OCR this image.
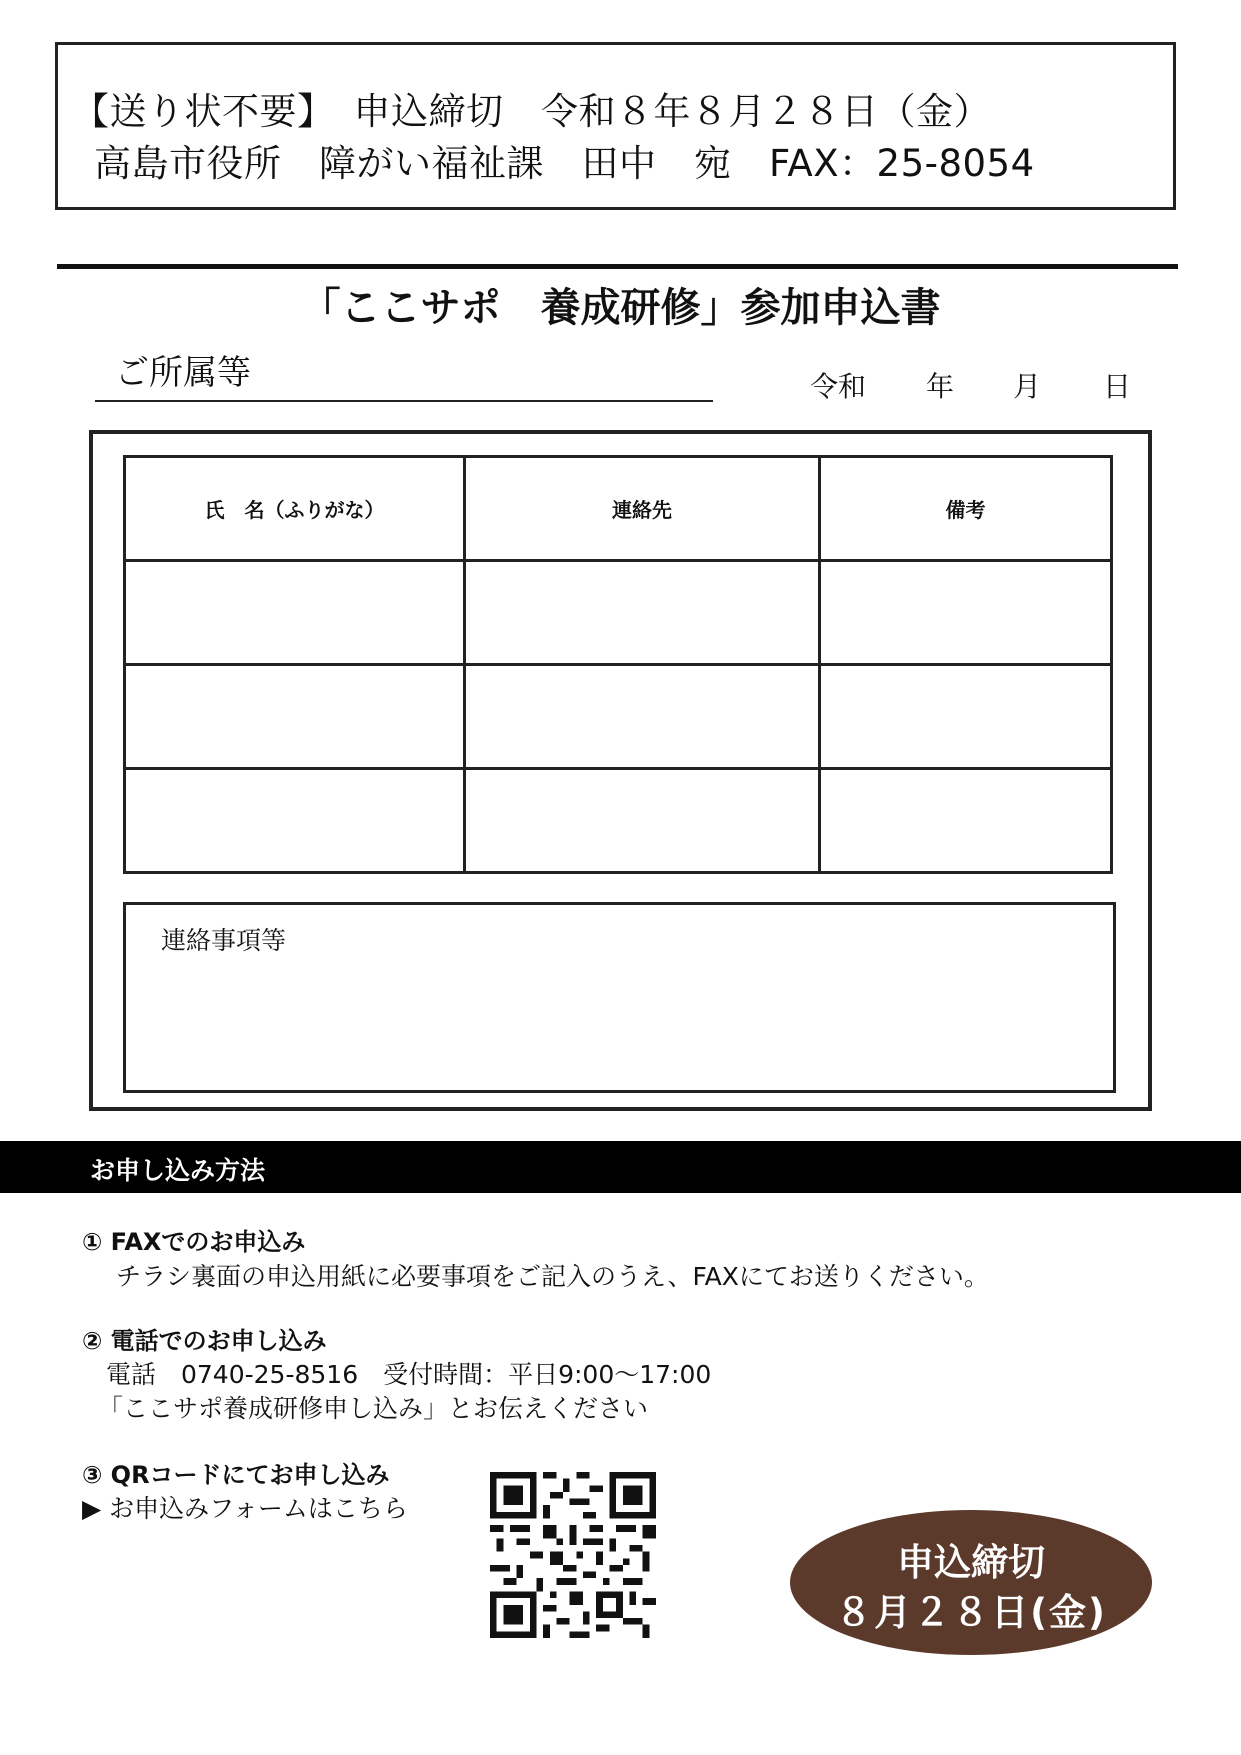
【送り状不要】　申込締切　令和８年８月２８日（金）
高島市役所　障がい福祉課　田中　宛　FAX：25-8054
「ここサポ　養成研修」参加申込書
ご所属等	令和 年 月 日
氏　名（ふりがな）	連絡先	備考

連絡事項等
お申し込み方法
① FAXでのお申込み
チラシ裏面の申込用紙に必要事項をご記入のうえ、FAXにてお送りください。
② 電話でのお申し込み
電話　0740-25-8516　受付時間：平日9:00～17:00
「ここサポ養成研修申し込み」とお伝えください
③ QRコードにてお申し込み
▶ お申込みフォームはこちら
申込締切
８月２８日(金)
